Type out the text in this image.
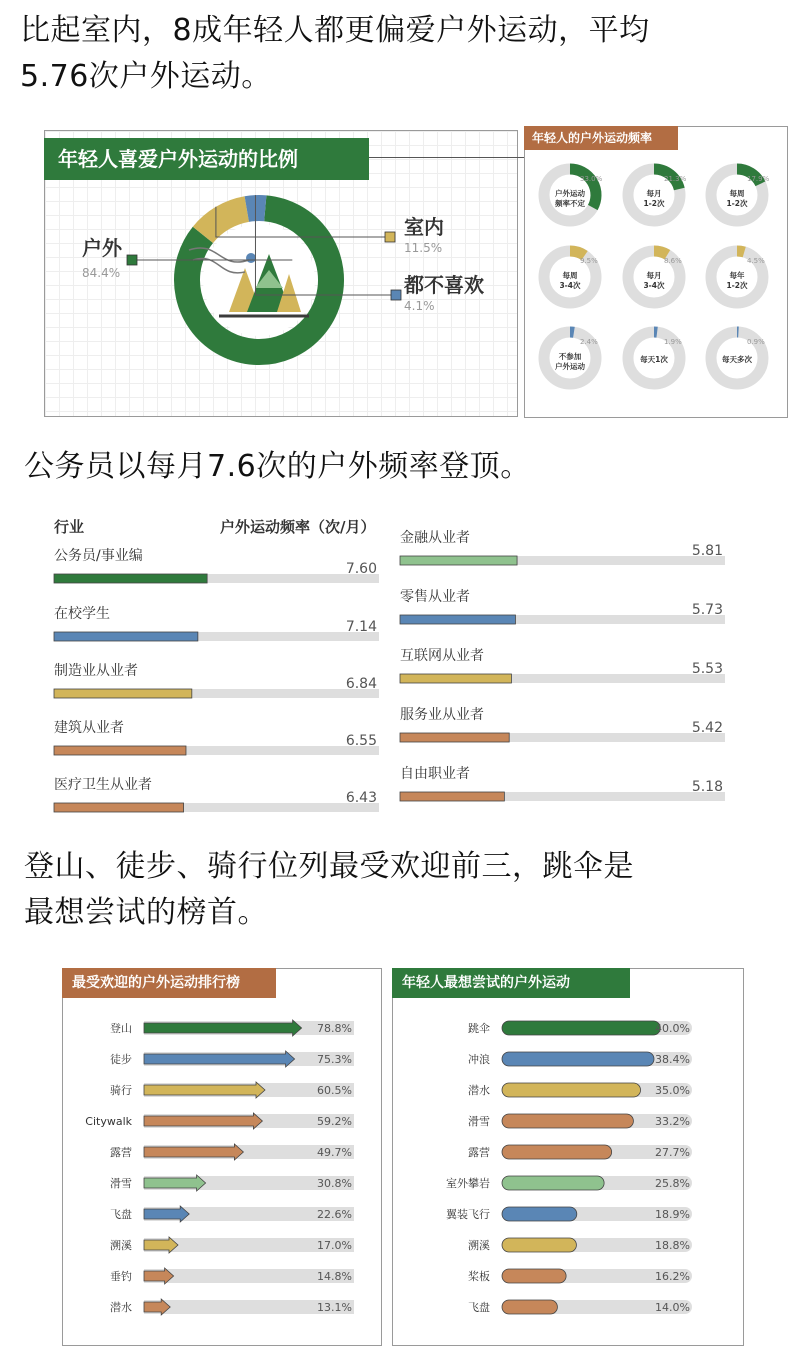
比起室内，8成年轻人都更偏爱户外运动，平均
5.76次户外运动。
年轻人喜爱户外运动的比例
户外
84.4%
室内
11.5%
都不喜欢
4.1%
年轻人的户外运动频率
33.0%
户外运动
频率不定
21.3%
每月
1-2次
17.9%
每周
1-2次
9.5%
每周
3-4次
8.6%
每月
3-4次
4.5%
每年
1-2次
2.4%
不参加
户外运动
1.9%
每天1次
0.9%
每天多次
公务员以每月7.6次的户外频率登顶。
行业	户外运动频率（次/月）
公务员/事业编
7.60
在校学生
7.14
制造业从业者
6.84
建筑从业者
6.55
医疗卫生从业者
6.43
金融从业者
5.81
零售从业者
5.73
互联网从业者
5.53
服务业从业者
5.42
自由职业者
5.18
登山、徒步、骑行位列最受欢迎前三，跳伞是
最想尝试的榜首。
最受欢迎的户外运动排行榜
登山	78.8%
徒步	75.3%
骑行	60.5%
Citywalk	59.2%
露营	49.7%
滑雪	30.8%
飞盘	22.6%
溯溪	17.0%
垂钓	14.8%
潜水	13.1%
年轻人最想尝试的户外运动
跳伞	40.0%
冲浪	38.4%
潜水	35.0%
滑雪	33.2%
露营	27.7%
室外攀岩	25.8%
翼装飞行	18.9%
溯溪	18.8%
桨板	16.2%
飞盘	14.0%
